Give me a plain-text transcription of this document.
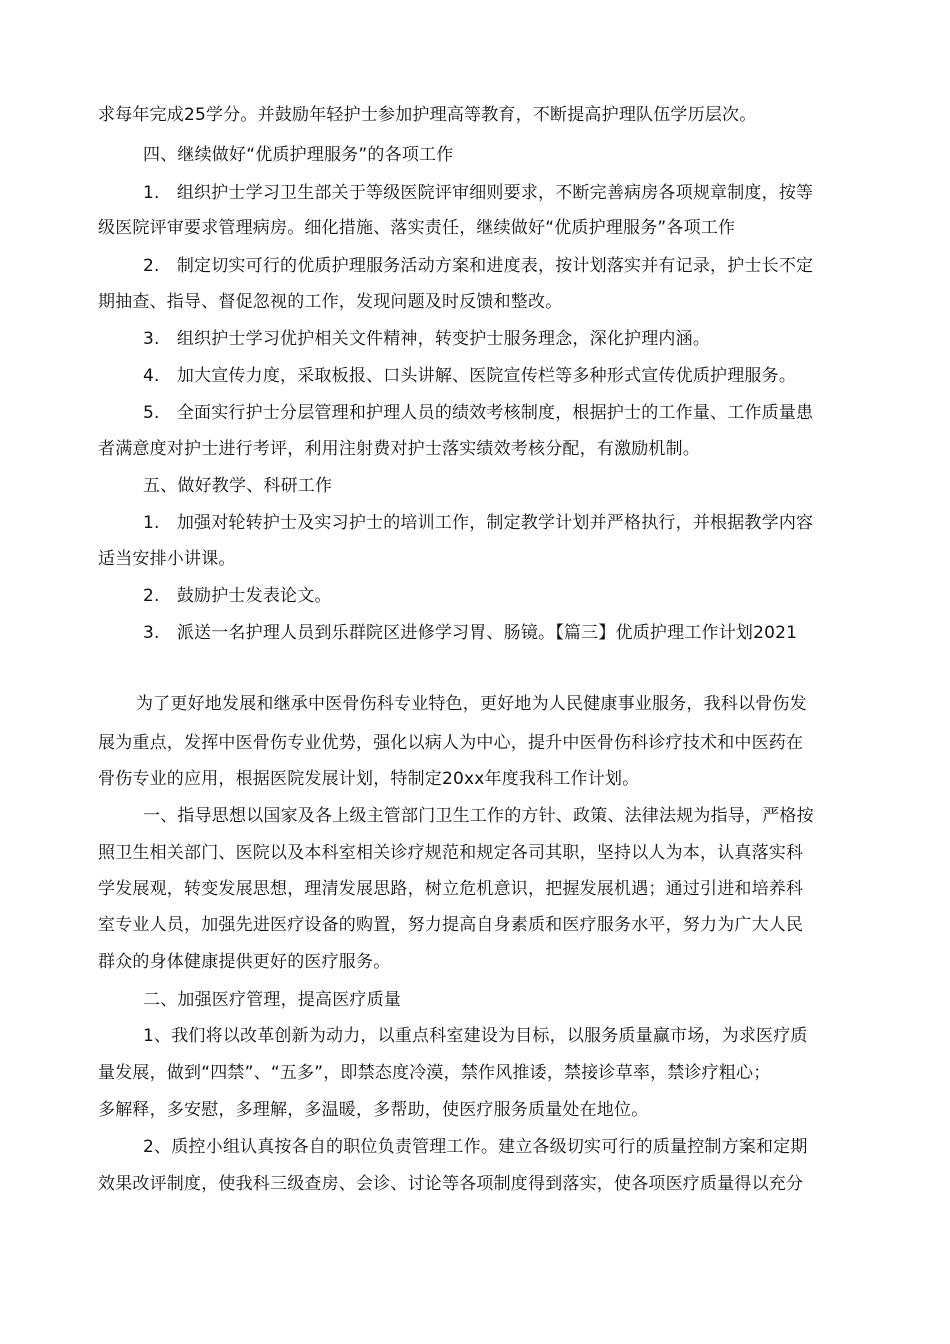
求每年完成25学分。并鼓励年轻护士参加护理高等教育，不断提高护理队伍学历层次。
四、继续做好“优质护理服务”的各项工作
1.　组织护士学习卫生部关于等级医院评审细则要求，不断完善病房各项规章制度，按等
级医院评审要求管理病房。细化措施、落实责任，继续做好“优质护理服务”各项工作
2.　制定切实可行的优质护理服务活动方案和进度表，按计划落实并有记录，护士长不定
期抽查、指导、督促忽视的工作，发现问题及时反馈和整改。
3.　组织护士学习优护相关文件精神，转变护士服务理念，深化护理内涵。
4.　加大宣传力度，采取板报、口头讲解、医院宣传栏等多种形式宣传优质护理服务。
5.　全面实行护士分层管理和护理人员的绩效考核制度，根据护士的工作量、工作质量患
者满意度对护士进行考评，利用注射费对护士落实绩效考核分配，有激励机制。
五、做好教学、科研工作
1.　加强对轮转护士及实习护士的培训工作，制定教学计划并严格执行，并根据教学内容
适当安排小讲课。
2.　鼓励护士发表论文。
3.　派送一名护理人员到乐群院区进修学习胃、肠镜。【篇三】优质护理工作计划2021
为了更好地发展和继承中医骨伤科专业特色，更好地为人民健康事业服务，我科以骨伤发
展为重点，发挥中医骨伤专业优势，强化以病人为中心，提升中医骨伤科诊疗技术和中医药在
骨伤专业的应用，根据医院发展计划，特制定20xx年度我科工作计划。
一、指导思想以国家及各上级主管部门卫生工作的方针、政策、法律法规为指导，严格按
照卫生相关部门、医院以及本科室相关诊疗规范和规定各司其职，坚持以人为本，认真落实科
学发展观，转变发展思想，理清发展思路，树立危机意识，把握发展机遇；通过引进和培养科
室专业人员，加强先进医疗设备的购置，努力提高自身素质和医疗服务水平，努力为广大人民
群众的身体健康提供更好的医疗服务。
二、加强医疗管理，提高医疗质量
1、我们将以改革创新为动力，以重点科室建设为目标，以服务质量赢市场，为求医疗质
量发展，做到“四禁”、“五多”，即禁态度冷漠，禁作风推诿，禁接诊草率，禁诊疗粗心；
多解释，多安慰，多理解，多温暖，多帮助，使医疗服务质量处在地位。
2、质控小组认真按各自的职位负责管理工作。建立各级切实可行的质量控制方案和定期
效果改评制度，使我科三级查房、会诊、讨论等各项制度得到落实，使各项医疗质量得以充分
